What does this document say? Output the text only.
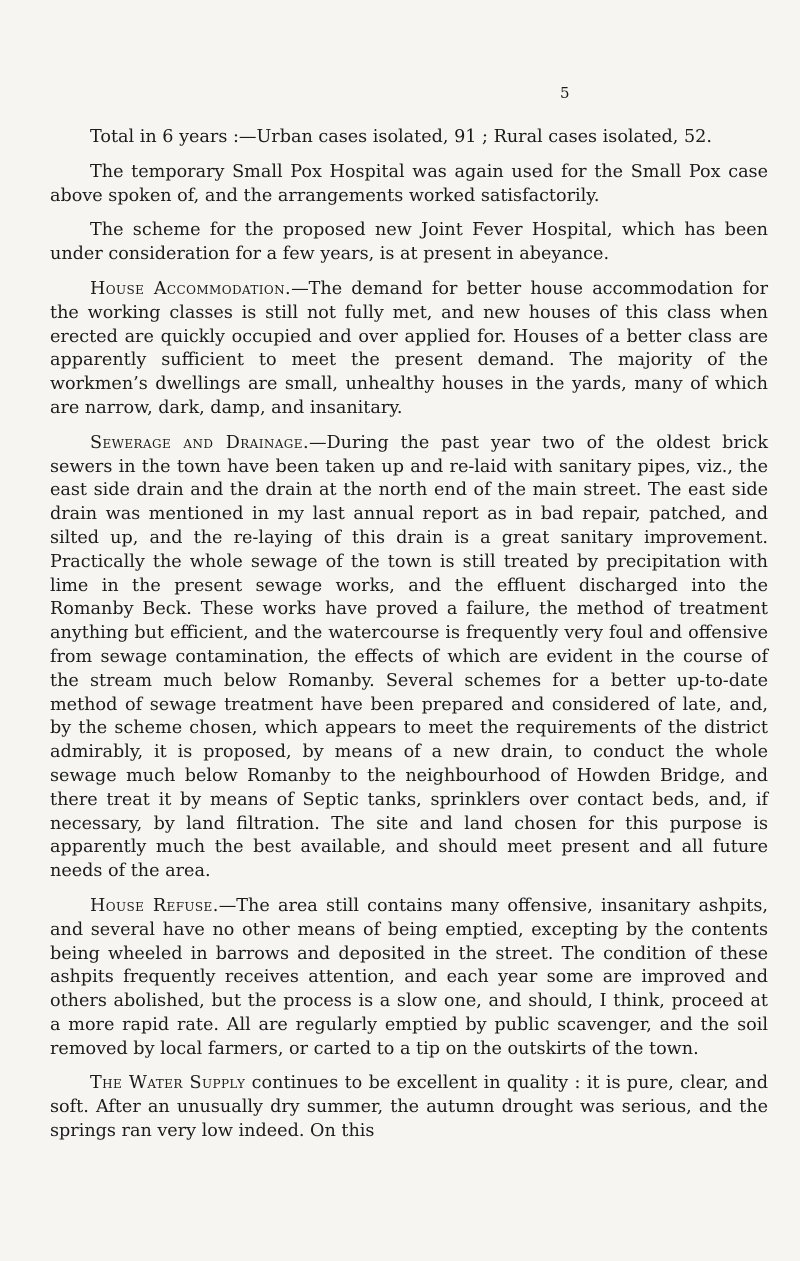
5

Total in 6 years :—Urban cases isolated, 91 ; Rural cases isolated, 52.

The temporary Small Pox Hospital was again used for the Small Pox case above spoken of, and the arrangements worked satisfactorily.

The scheme for the proposed new Joint Fever Hospital, which has been under consideration for a few years, is at present in abeyance.

House Accommodation.—The demand for better house accommodation for the working classes is still not fully met, and new houses of this class when erected are quickly occupied and over applied for. Houses of a better class are apparently sufficient to meet the present demand. The majority of the workmen’s dwellings are small, unhealthy houses in the yards, many of which are narrow, dark, damp, and insanitary.

Sewerage and Drainage.—During the past year two of the oldest brick sewers in the town have been taken up and re-laid with sanitary pipes, viz., the east side drain and the drain at the north end of the main street. The east side drain was mentioned in my last annual report as in bad repair, patched, and silted up, and the re-laying of this drain is a great sanitary improvement. Practically the whole sewage of the town is still treated by precipitation with lime in the present sewage works, and the effluent discharged into the Romanby Beck. These works have proved a failure, the method of treatment anything but efficient, and the watercourse is frequently very foul and offensive from sewage contamination, the effects of which are evident in the course of the stream much below Romanby. Several schemes for a better up-to-date method of sewage treatment have been prepared and considered of late, and, by the scheme chosen, which appears to meet the requirements of the district admirably, it is proposed, by means of a new drain, to conduct the whole sewage much below Romanby to the neighbourhood of Howden Bridge, and there treat it by means of Septic tanks, sprinklers over contact beds, and, if necessary, by land filtration. The site and land chosen for this purpose is apparently much the best available, and should meet present and all future needs of the area.

House Refuse.—The area still contains many offensive, insanitary ashpits, and several have no other means of being emptied, excepting by the contents being wheeled in barrows and deposited in the street. The condition of these ashpits frequently receives attention, and each year some are improved and others abolished, but the process is a slow one, and should, I think, proceed at a more rapid rate. All are regularly emptied by public scavenger, and the soil removed by local farmers, or carted to a tip on the outskirts of the town.

The Water Supply continues to be excellent in quality : it is pure, clear, and soft. After an unusually dry summer, the autumn drought was serious, and the springs ran very low indeed. On this
